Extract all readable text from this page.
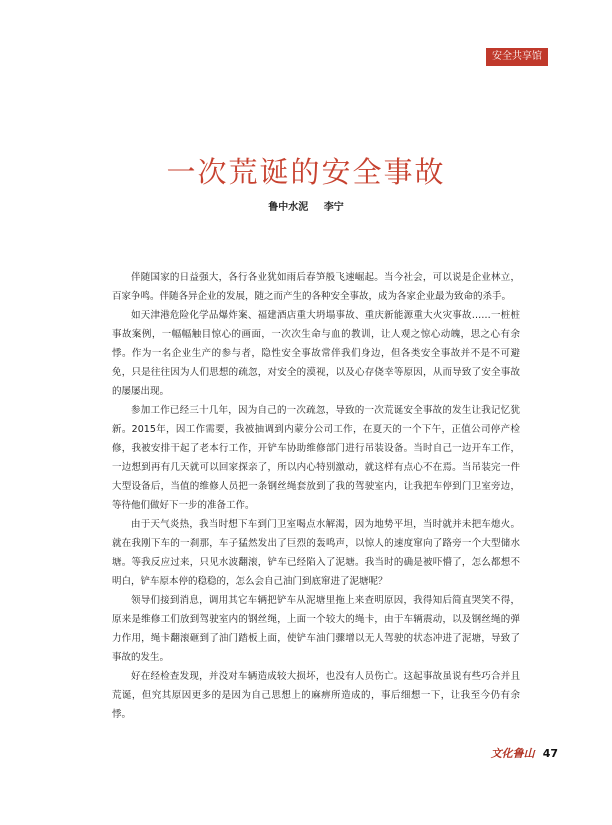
安全共享馆
一次荒诞的安全事故
鲁中水泥 李宁

伴随国家的日益强大，各行各业犹如雨后春笋般飞速崛起。当今社会，可以说是企业林立，百家争鸣。伴随各异企业的发展，随之而产生的各种安全事故，成为各家企业最为致命的杀手。

如天津港危险化学品爆炸案、福建酒店重大坍塌事故、重庆新能源重大火灾事故……一桩桩事故案例，一幅幅触目惊心的画面，一次次生命与血的教训，让人观之惊心动魄，思之心有余悸。作为一名企业生产的参与者，隐性安全事故常伴我们身边，但各类安全事故并不是不可避免，只是往往因为人们思想的疏忽，对安全的漠视，以及心存侥幸等原因，从而导致了安全事故的屡屡出现。

参加工作已经三十几年，因为自己的一次疏忽，导致的一次荒诞安全事故的发生让我记忆犹新。2015年，因工作需要，我被抽调到内蒙分公司工作，在夏天的一个下午，正值公司停产检修，我被安排干起了老本行工作，开铲车协助维修部门进行吊装设备。当时自己一边开车工作，一边想到再有几天就可以回家探亲了，所以内心特别激动，就这样有点心不在焉。当吊装完一件大型设备后，当值的维修人员把一条钢丝绳套放到了我的驾驶室内，让我把车停到门卫室旁边，等待他们做好下一步的准备工作。

由于天气炎热，我当时想下车到门卫室喝点水解渴，因为地势平坦，当时就并未把车熄火。就在我刚下车的一刹那，车子猛然发出了巨烈的轰鸣声，以惊人的速度窜向了路旁一个大型储水塘。等我反应过来，只见水波翻滚，铲车已经陷入了泥塘。我当时的确是被吓懵了，怎么都想不明白，铲车原本停的稳稳的，怎么会自己油门到底窜进了泥塘呢？

领导们接到消息，调用其它车辆把铲车从泥塘里拖上来查明原因，我得知后简直哭笑不得，原来是维修工们放到驾驶室内的钢丝绳，上面一个较大的绳卡，由于车辆震动，以及钢丝绳的弹力作用，绳卡翻滚砸到了油门踏板上面，使铲车油门骤增以无人驾驶的状态冲进了泥塘，导致了事故的发生。

好在经检查发现，并没对车辆造成较大损坏，也没有人员伤亡。这起事故虽说有些巧合并且荒诞，但究其原因更多的是因为自己思想上的麻痹所造成的，事后细想一下，让我至今仍有余悸。

文化鲁山 47
